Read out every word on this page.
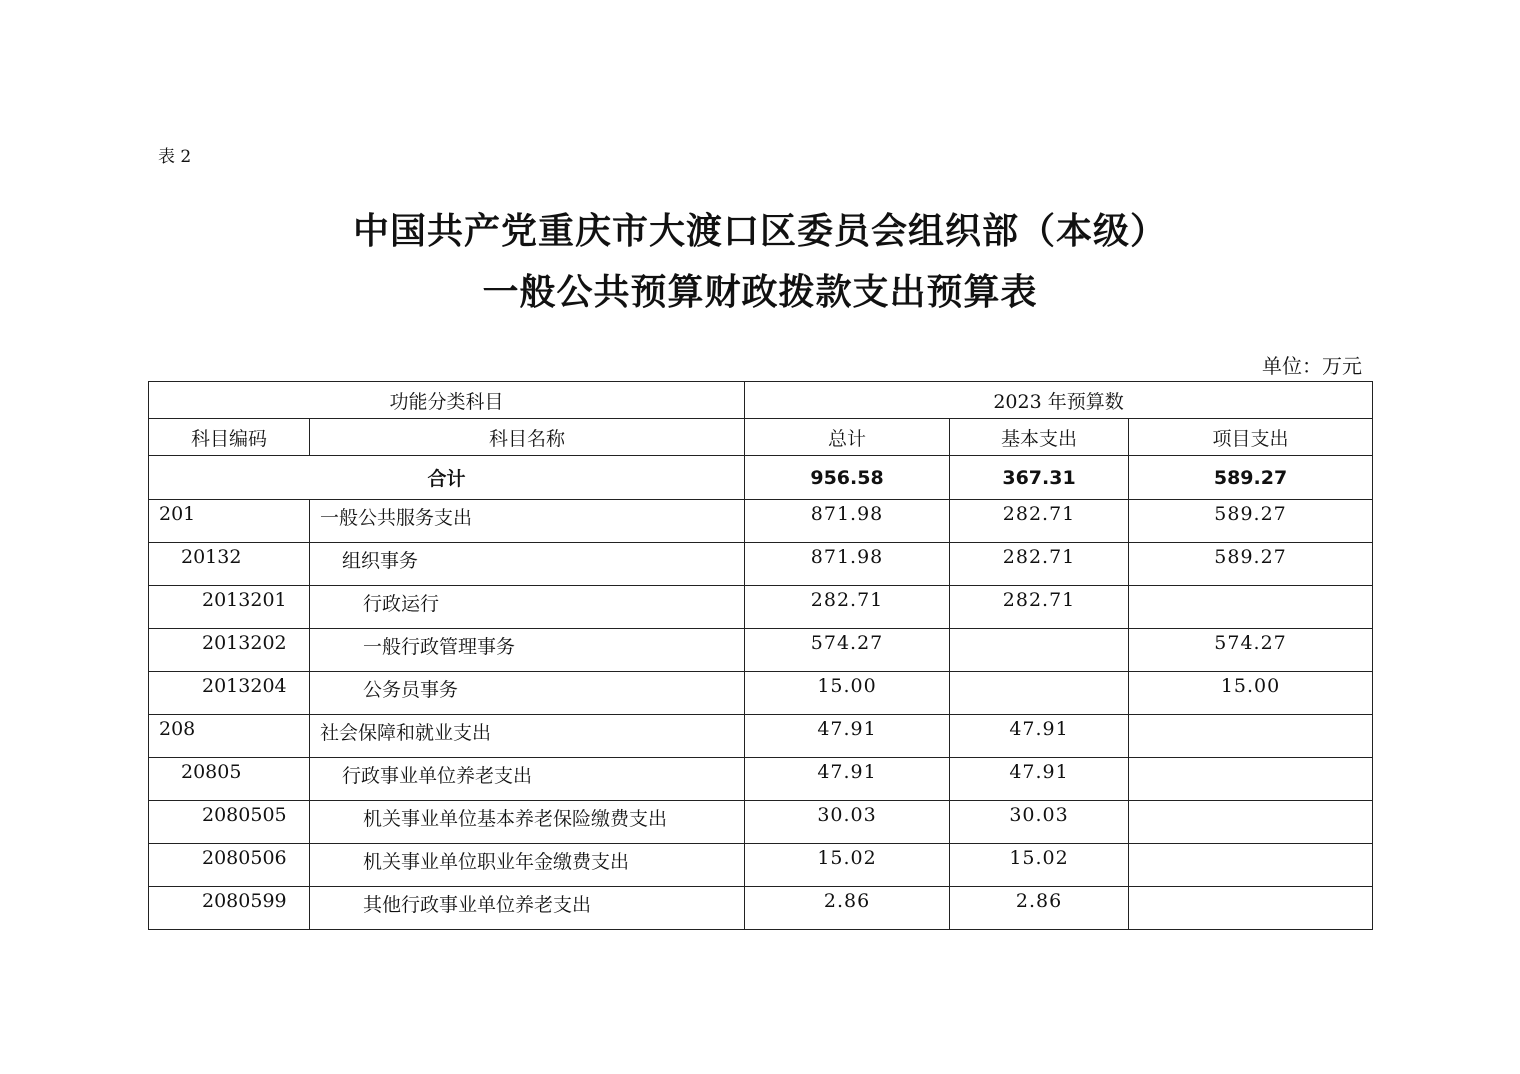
表 2
中国共产党重庆市大渡口区委员会组织部（本级）
一般公共预算财政拨款支出预算表
单位：万元
功能分类科目		2023 年预算数		
科目编码	科目名称	总计	基本支出	项目支出
合计		956.58	367.31	589.27
201	一般公共服务支出	871.98	282.71	589.27
20132	组织事务	871.98	282.71	589.27
2013201	行政运行	282.71	282.71	
2013202	一般行政管理事务	574.27		574.27
2013204	公务员事务	15.00		15.00
208	社会保障和就业支出	47.91	47.91	
20805	行政事业单位养老支出	47.91	47.91	
2080505	机关事业单位基本养老保险缴费支出	30.03	30.03	
2080506	机关事业单位职业年金缴费支出	15.02	15.02	
2080599	其他行政事业单位养老支出	2.86	2.86	
